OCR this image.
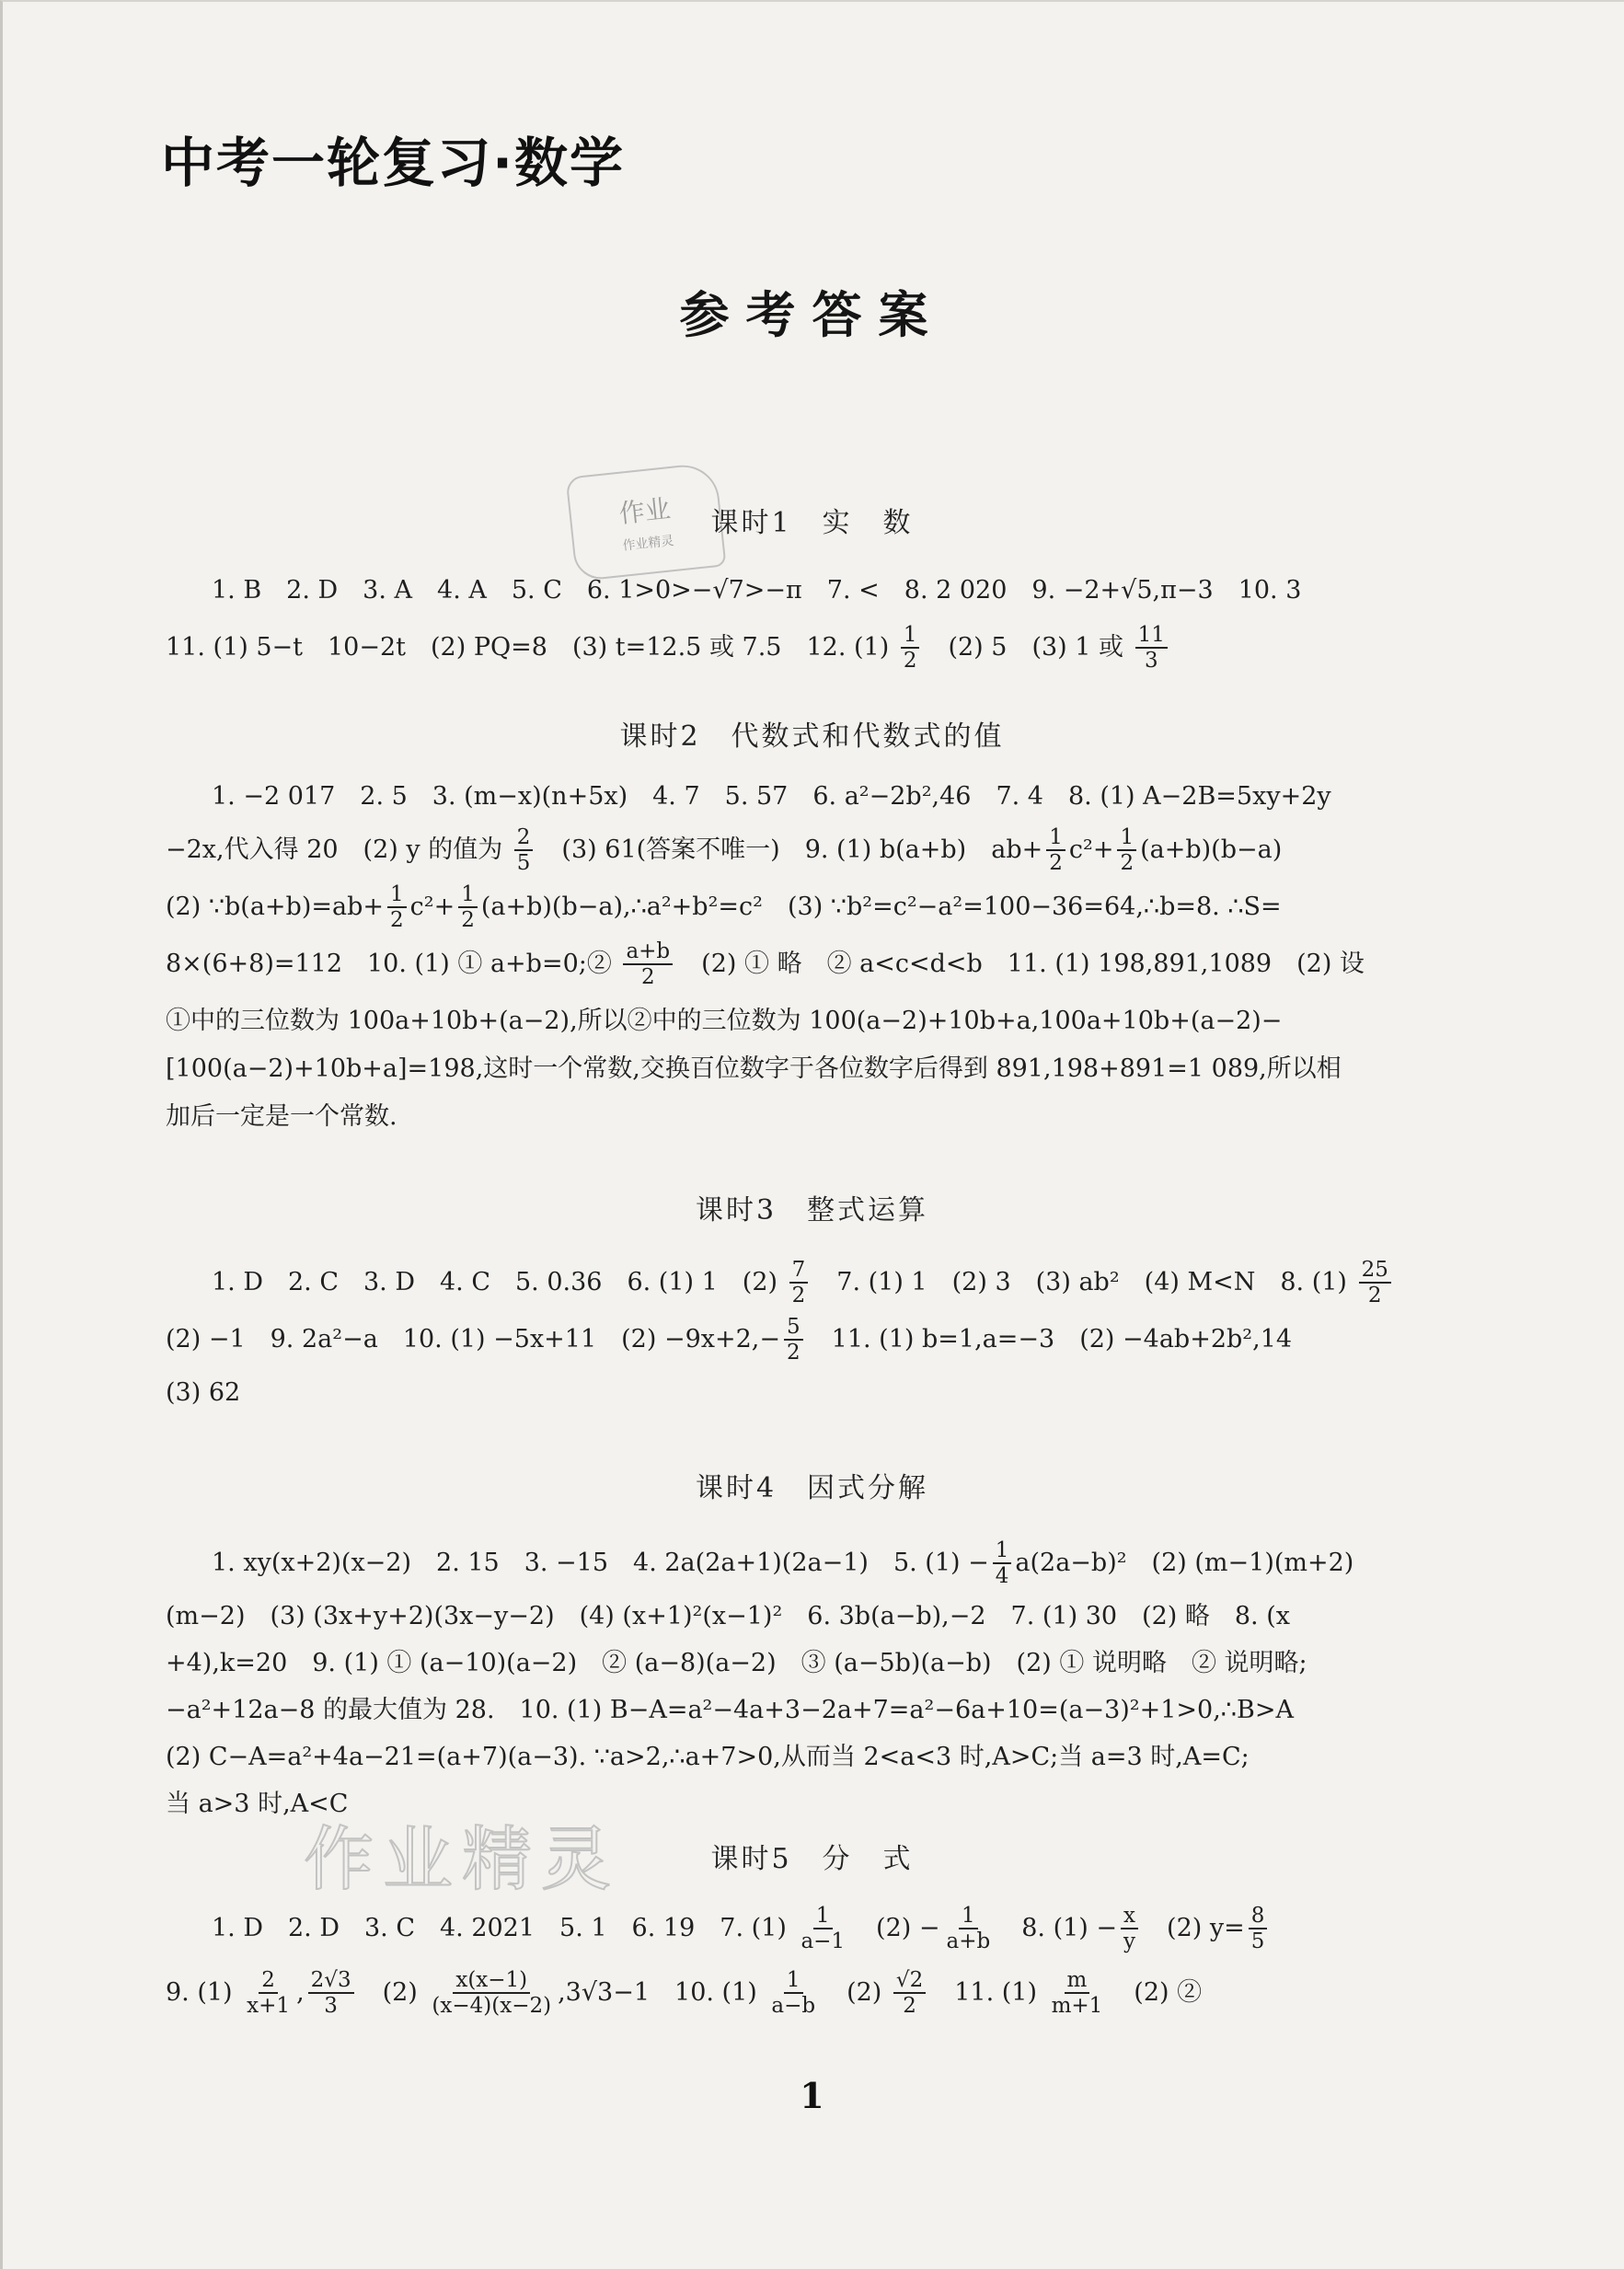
中考一轮复习·数学
参考答案
作业
作业精灵
课时1　实　数
1. B　2. D　3. A　4. A　5. C　6. 1>0>−√7>−π　7. <　8. 2 020　9. −2+√5,π−3　10. 3
11. (1) 5−t　10−2t　(2) PQ=8　(3) t=12.5 或 7.5　12. $(1) \frac{1}{2}$ 　(2) 5　(3) 1 或 $\frac{11}{3}$
课时2　代数式和代数式的值
1. −2 017　2. 5　3. (m−x)(n+5x)　4. 7　5. 57　6. a²−2b²,46　7. 4　8. (1) A−2B=5xy+2y
−2x,代入得 20　(2) y 的值为 $\frac{2}{5}$ 　(3) 61(答案不唯一)　9. (1) b(a+b)　$ab+ \frac{1}{2} c^2+ \frac{1}{2} (a+b)(b-a)$
(2) ∵b(a+b)=ab+ $\frac{1}{2} c^2+ \frac{1}{2}$ (a+b)(b−a),∴a²+b²=c²　(3) ∵b²=c²−a²=100−36=64,∴b=8. ∴S=
8×(6+8)=112　10. (1) ① a+b=0;② $\frac{a+b}{2}$ 　(2) ① 略　② a<c<d<b　11. (1) 198,891,1089　(2) 设
①中的三位数为 100a+10b+(a−2),所以②中的三位数为 100(a−2)+10b+a,100a+10b+(a−2)−
[100(a−2)+10b+a]=198,这时一个常数,交换百位数字于各位数字后得到 891,198+891=1 089,所以相
加后一定是一个常数.
课时3　整式运算
1. D　2. C　3. D　4. C　5. 0.36　6. (1) 1　$(2) \frac{7}{2}$ 　7. (1) 1　(2) 3　(3) ab²　(4) M<N　8. $(1) \frac{25}{2}$
(2) −1　9. 2a²−a　10. (1) −5x+11　$(2) -9x+2,- \frac{5}{2}$ 　11. (1) b=1,a=−3　(2) −4ab+2b²,14
(3) 62
课时4　因式分解
1. xy(x+2)(x−2)　2. 15　3. −15　4. 2a(2a+1)(2a−1)　5. $(1) - \frac{1}{4} a(2a-b)^2$　(2) (m−1)(m+2)
(m−2)　(3) (3x+y+2)(3x−y−2)　(4) (x+1)²(x−1)²　6. 3b(a−b),−2　7. (1) 30　(2) 略　8. (x
+4),k=20　9. (1) ① (a−10)(a−2)　② (a−8)(a−2)　③ (a−5b)(a−b)　(2) ① 说明略　② 说明略;
−a²+12a−8 的最大值为 28.　10. (1) B−A=a²−4a+3−2a+7=a²−6a+10=(a−3)²+1>0,∴B>A
(2) C−A=a²+4a−21=(a+7)(a−3). ∵a>2,∴a+7>0,从而当 2<a<3 时,A>C;当 a=3 时,A=C;
当 a>3 时,A<C
作业精灵	课时5　分　式
1. D　2. D　3. C　4. 2021　5. 1　6. 19　7. $(1) \frac{1}{a-1}$ 　$(2) - \frac{1}{a+b}$ 　8. $(1) - \frac{x}{y}$ 　(2) $y= \frac{8}{5}$
9. $(1) \frac{2}{x+1}$ , $\frac{2√3}{3}$ 　$(2) \frac{x(x-1)}{(x-4)(x-2)} ,3√3-1$　10. $(1) \frac{1}{a-b}$ 　$(2) \frac{√2}{2}$ 　11. $(1) \frac{m}{m+1}$ 　(2) ②
1
